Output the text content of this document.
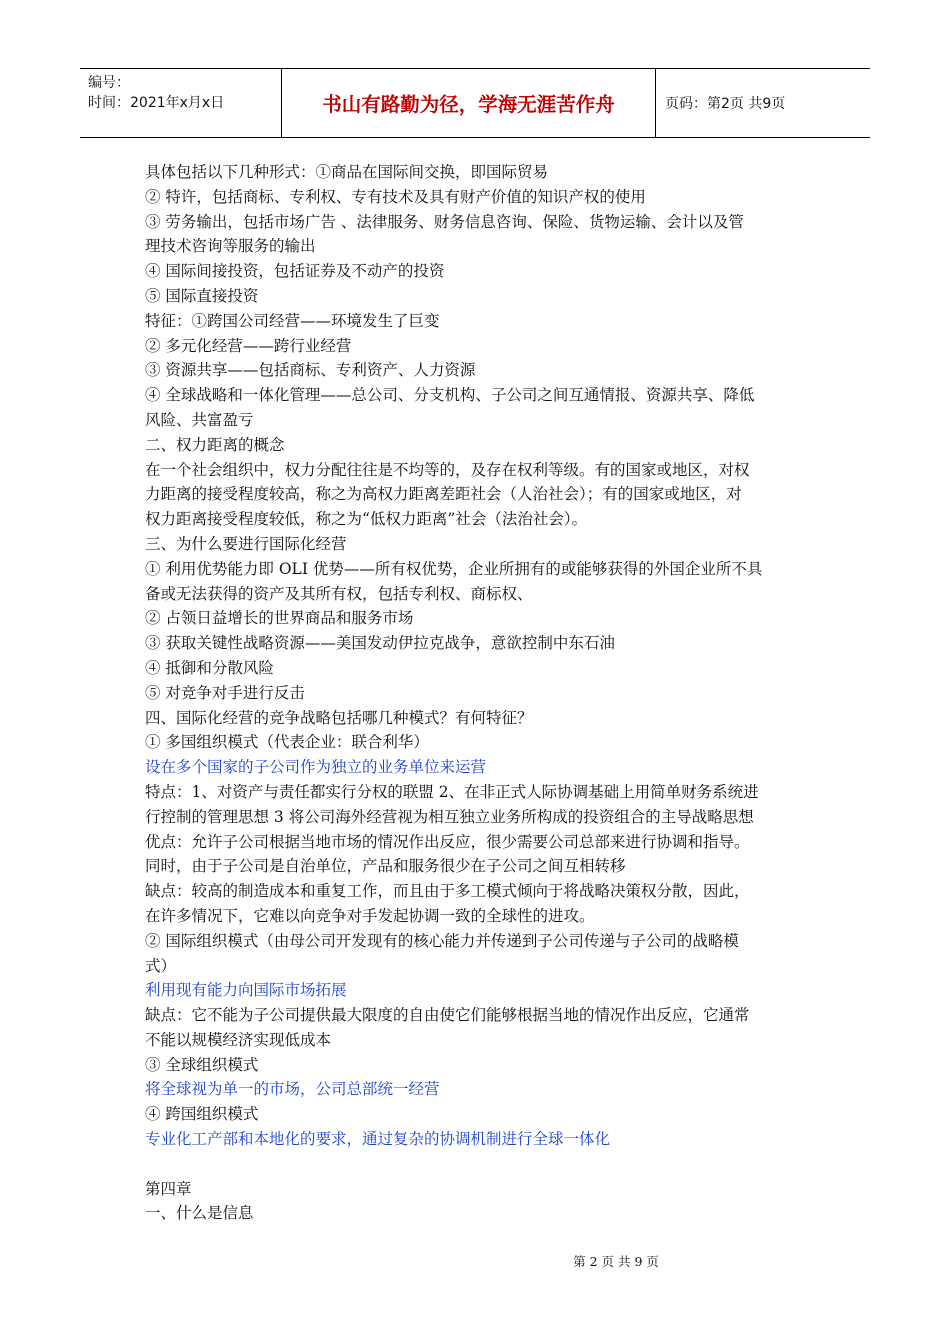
编号：
时间：2021年x月x日	书山有路勤为径，学海无涯苦作舟	页码：第2页 共9页

具体包括以下几种形式：①商品在国际间交换，即国际贸易

② 特许，包括商标、专利权、专有技术及具有财产价值的知识产权的使用

③ 劳务输出，包括市场广告 、法律服务、财务信息咨询、保险、货物运输、会计以及管

理技术咨询等服务的输出

④ 国际间接投资，包括证券及不动产的投资

⑤ 国际直接投资

特征：①跨国公司经营——环境发生了巨变

② 多元化经营——跨行业经营

③ 资源共享——包括商标、专利资产、人力资源

④ 全球战略和一体化管理——总公司、分支机构、子公司之间互通情报、资源共享、降低

风险、共富盈亏

二、权力距离的概念

在一个社会组织中，权力分配往往是不均等的，及存在权利等级。有的国家或地区，对权

力距离的接受程度较高，称之为高权力距离差距社会（人治社会）；有的国家或地区，对

权力距离接受程度较低，称之为“低权力距离”社会（法治社会）。

三、为什么要进行国际化经营

① 利用优势能力即 OLI 优势——所有权优势，企业所拥有的或能够获得的外国企业所不具

备或无法获得的资产及其所有权，包括专利权、商标权、

② 占领日益增长的世界商品和服务市场

③ 获取关键性战略资源——美国发动伊拉克战争，意欲控制中东石油

④ 抵御和分散风险

⑤ 对竞争对手进行反击

四、国际化经营的竞争战略包括哪几种模式？有何特征？

① 多国组织模式（代表企业：联合利华）

设在多个国家的子公司作为独立的业务单位来运营

特点：1、对资产与责任都实行分权的联盟 2、在非正式人际协调基础上用简单财务系统进

行控制的管理思想 3 将公司海外经营视为相互独立业务所构成的投资组合的主导战略思想

优点：允许子公司根据当地市场的情况作出反应，很少需要公司总部来进行协调和指导。

同时，由于子公司是自治单位，产品和服务很少在子公司之间互相转移

缺点：较高的制造成本和重复工作，而且由于多工模式倾向于将战略决策权分散，因此，

在许多情况下，它难以向竞争对手发起协调一致的全球性的进攻。

② 国际组织模式（由母公司开发现有的核心能力并传递到子公司传递与子公司的战略模

式）

利用现有能力向国际市场拓展

缺点：它不能为子公司提供最大限度的自由使它们能够根据当地的情况作出反应，它通常

不能以规模经济实现低成本

③ 全球组织模式

将全球视为单一的市场，公司总部统一经营

④ 跨国组织模式

专业化工产部和本地化的要求，通过复杂的协调机制进行全球一体化

第四章

一、什么是信息

第 2 页 共 9 页
